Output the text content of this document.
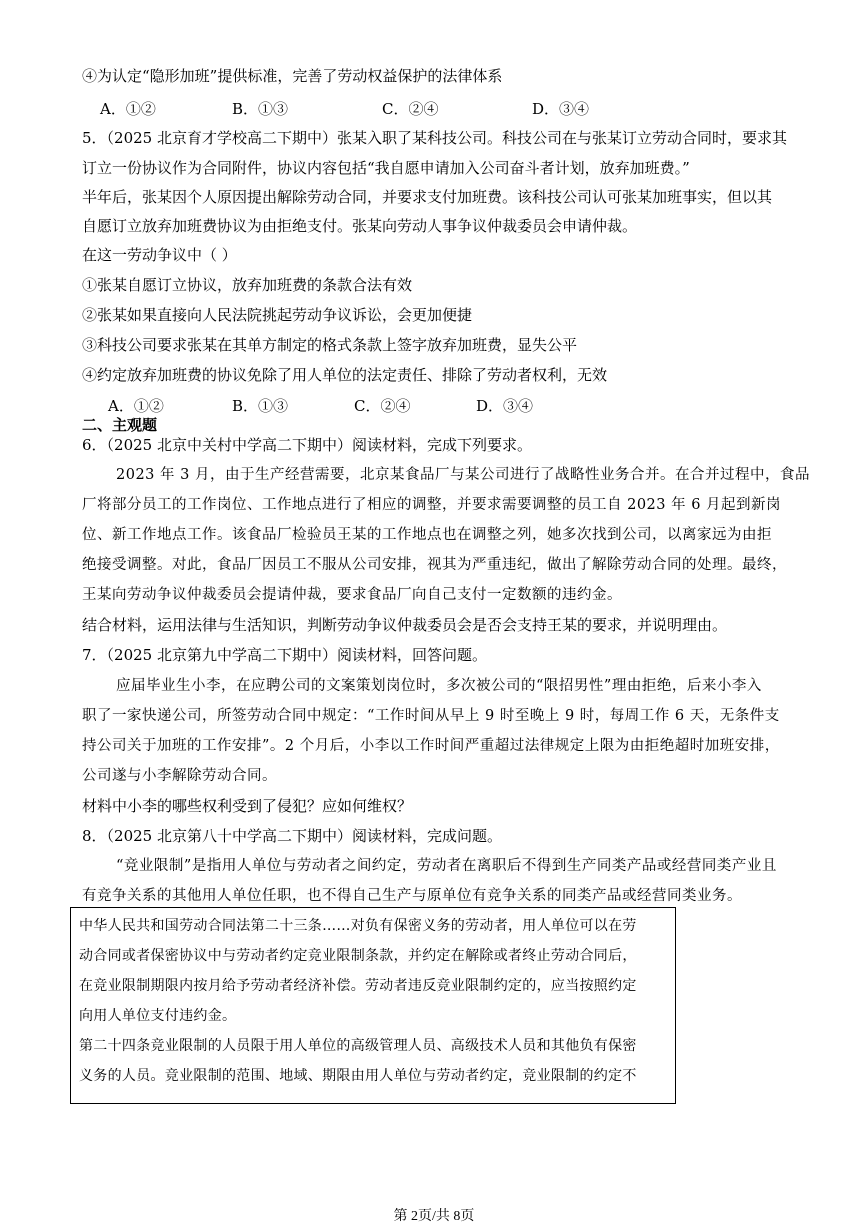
④为认定“隐形加班”提供标准，完善了劳动权益保护的法律体系
A．①②	B．①③	C．②④	D．③④
5．（2025 北京育才学校高二下期中）张某入职了某科技公司。科技公司在与张某订立劳动合同时，要求其
订立一份协议作为合同附件，协议内容包括“我自愿申请加入公司奋斗者计划，放弃加班费。”
半年后，张某因个人原因提出解除劳动合同，并要求支付加班费。该科技公司认可张某加班事实，但以其
自愿订立放弃加班费协议为由拒绝支付。张某向劳动人事争议仲裁委员会申请仲裁。
在这一劳动争议中（ ）
①张某自愿订立协议，放弃加班费的条款合法有效
②张某如果直接向人民法院挑起劳动争议诉讼，会更加便捷
③科技公司要求张某在其单方制定的格式条款上签字放弃加班费，显失公平
④约定放弃加班费的协议免除了用人单位的法定责任、排除了劳动者权利，无效
A．①②	B．①③	C．②④	D．③④
二、主观题
6．（2025 北京中关村中学高二下期中）阅读材料，完成下列要求。
2023 年 3 月，由于生产经营需要，北京某食品厂与某公司进行了战略性业务合并。在合并过程中，食品
厂将部分员工的工作岗位、工作地点进行了相应的调整，并要求需要调整的员工自 2023 年 6 月起到新岗
位、新工作地点工作。该食品厂检验员王某的工作地点也在调整之列，她多次找到公司，以离家远为由拒
绝接受调整。对此，食品厂因员工不服从公司安排，视其为严重违纪，做出了解除劳动合同的处理。最终，
王某向劳动争议仲裁委员会提请仲裁，要求食品厂向自己支付一定数额的违约金。
结合材料，运用法律与生活知识，判断劳动争议仲裁委员会是否会支持王某的要求，并说明理由。
7．（2025 北京第九中学高二下期中）阅读材料，回答问题。
应届毕业生小李，在应聘公司的文案策划岗位时，多次被公司的“限招男性”理由拒绝，后来小李入
职了一家快递公司，所签劳动合同中规定：“工作时间从早上 9 时至晚上 9 时，每周工作 6 天，无条件支
持公司关于加班的工作安排”。2 个月后，小李以工作时间严重超过法律规定上限为由拒绝超时加班安排，
公司遂与小李解除劳动合同。
材料中小李的哪些权利受到了侵犯？应如何维权？
8．（2025 北京第八十中学高二下期中）阅读材料，完成问题。
“竞业限制”是指用人单位与劳动者之间约定，劳动者在离职后不得到生产同类产品或经营同类产业且
有竞争关系的其他用人单位任职，也不得自己生产与原单位有竞争关系的同类产品或经营同类业务。
中华人民共和国劳动合同法第二十三条……对负有保密义务的劳动者，用人单位可以在劳
动合同或者保密协议中与劳动者约定竞业限制条款，并约定在解除或者终止劳动合同后，
在竞业限制期限内按月给予劳动者经济补偿。劳动者违反竞业限制约定的，应当按照约定
向用人单位支付违约金。
第二十四条竞业限制的人员限于用人单位的高级管理人员、高级技术人员和其他负有保密
义务的人员。竞业限制的范围、地域、期限由用人单位与劳动者约定，竞业限制的约定不
第 2页/共 8页
